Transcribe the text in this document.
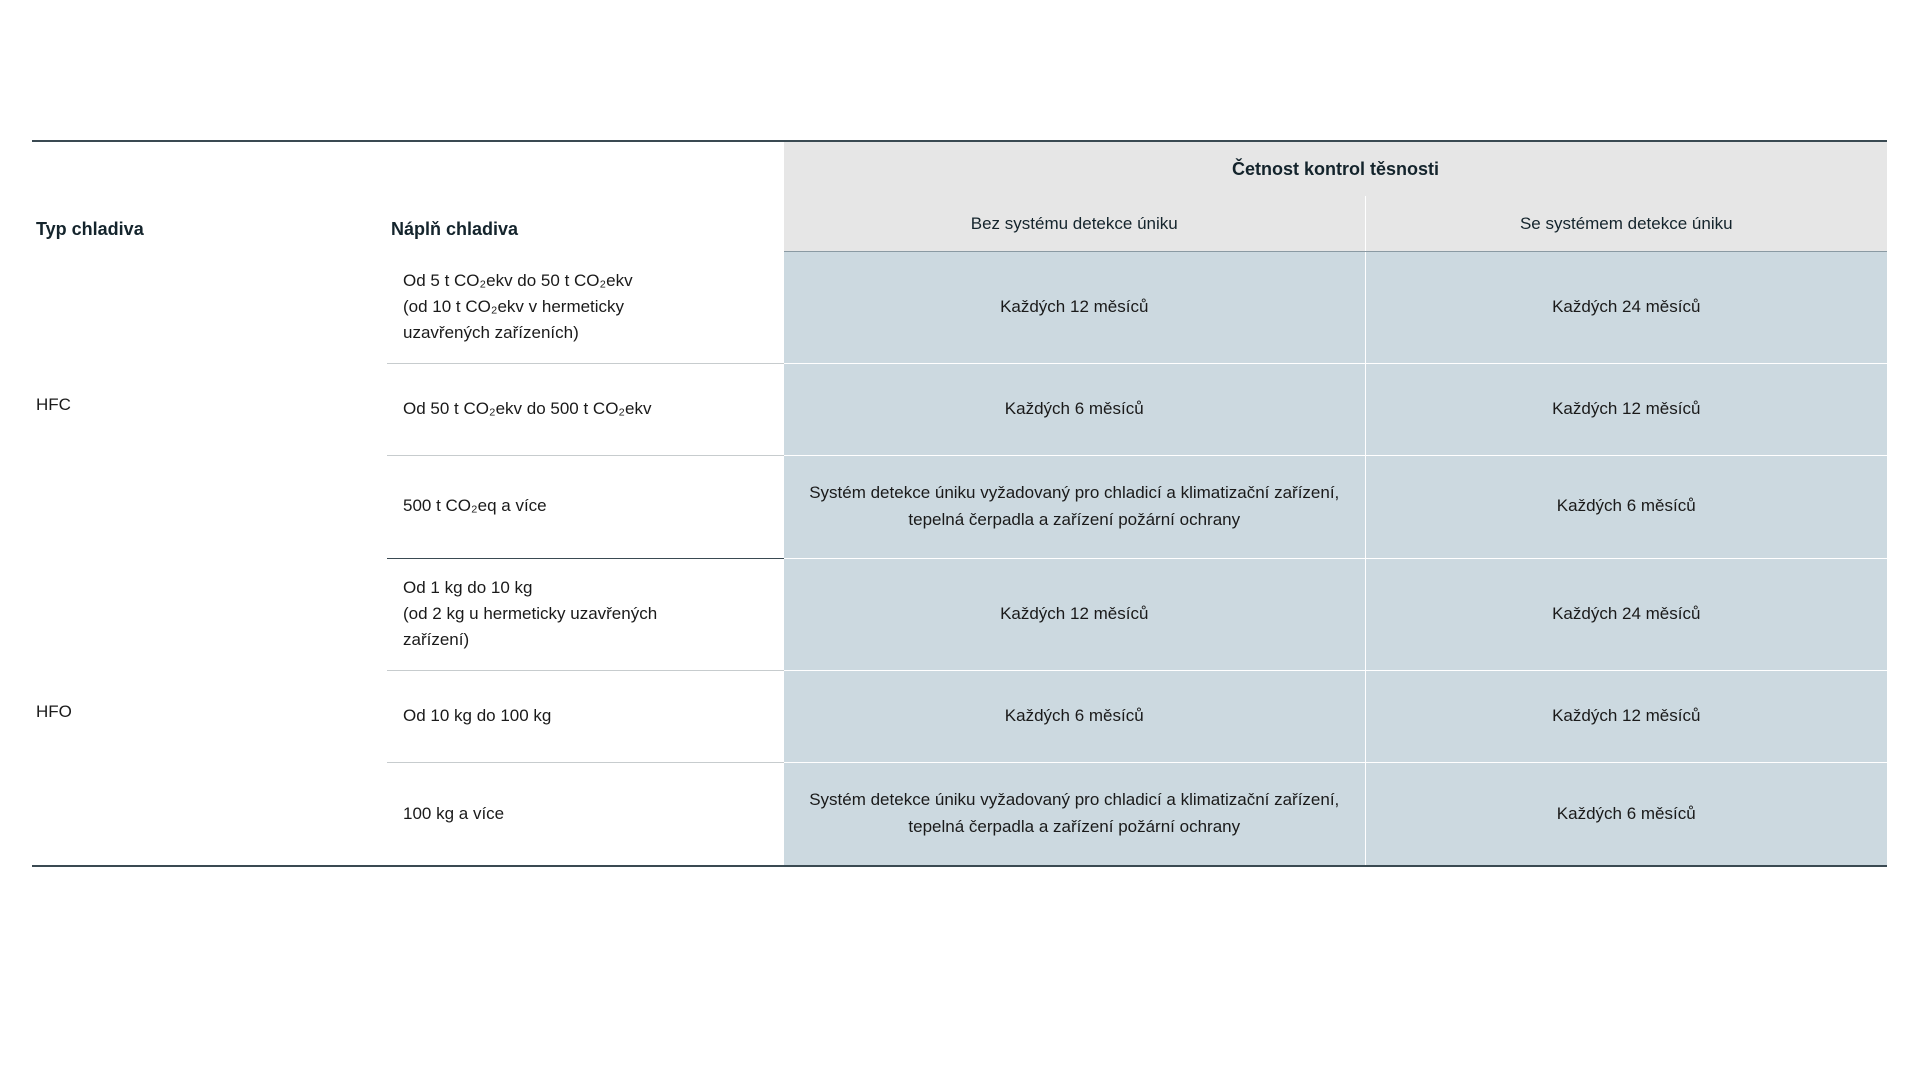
Typ chladiva	Náplň chladiva	Četnost kontrol těsnosti	
		Bez systému detekce úniku	Se systémem detekce úniku
HFC	Od 5 t CO₂ekv do 50 t CO₂ekv
(od 10 t CO₂ekv v hermeticky
uzavřených zařízeních)	Každých 12 měsíců	Každých 24 měsíců

	Od 50 t CO₂ekv do 500 t CO₂ekv	Každých 6 měsíců	Každých 12 měsíců

	500 t CO₂eq a více	Systém detekce úniku vyžadovaný pro chladicí a klimatizační zařízení, tepelná čerpadla a zařízení požární ochrany	Každých 6 měsíců
HFO	Od 1 kg do 10 kg
(od 2 kg u hermeticky uzavřených
zařízení)	Každých 12 měsíců	Každých 24 měsíců

	Od 10 kg do 100 kg	Každých 6 měsíců	Každých 12 měsíců

	100 kg a více	Systém detekce úniku vyžadovaný pro chladicí a klimatizační zařízení, tepelná čerpadla a zařízení požární ochrany	Každých 6 měsíců
